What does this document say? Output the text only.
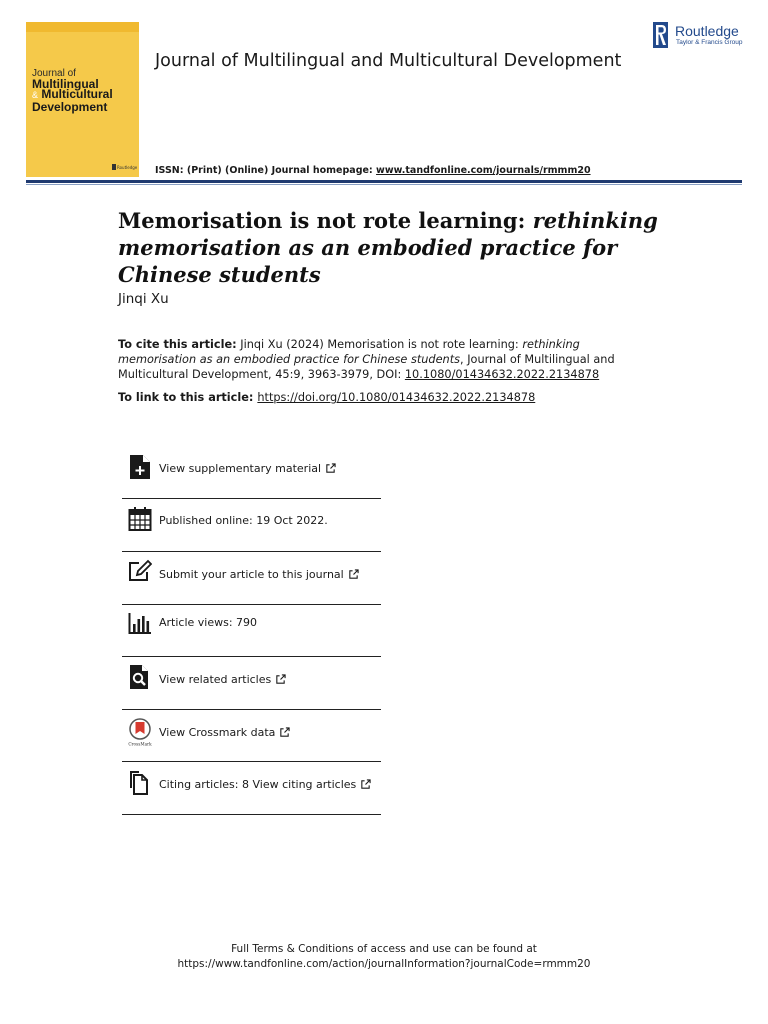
Journal of
Multilingual
& Multicultural
Development
Routledge
Journal of Multilingual and Multicultural Development
ISSN: (Print) (Online) Journal homepage: www.tandfonline.com/journals/rmmm20
Routledge
Taylor & Francis Group
Memorisation is not rote learning: rethinking memorisation as an embodied practice for Chinese students
Jinqi Xu
To cite this article: Jinqi Xu (2024) Memorisation is not rote learning: rethinking memorisation as an embodied practice for Chinese students, Journal of Multilingual and Multicultural Development, 45:9, 3963-3979, DOI: 10.1080/01434632.2022.2134878
To link to this article: https://doi.org/10.1080/01434632.2022.2134878
View supplementary material
Published online: 19 Oct 2022.
Submit your article to this journal
Article views: 790
View related articles
CrossMark
View Crossmark data
Citing articles: 8 View citing articles
Full Terms & Conditions of access and use can be found at
https://www.tandfonline.com/action/journalInformation?journalCode=rmmm20
